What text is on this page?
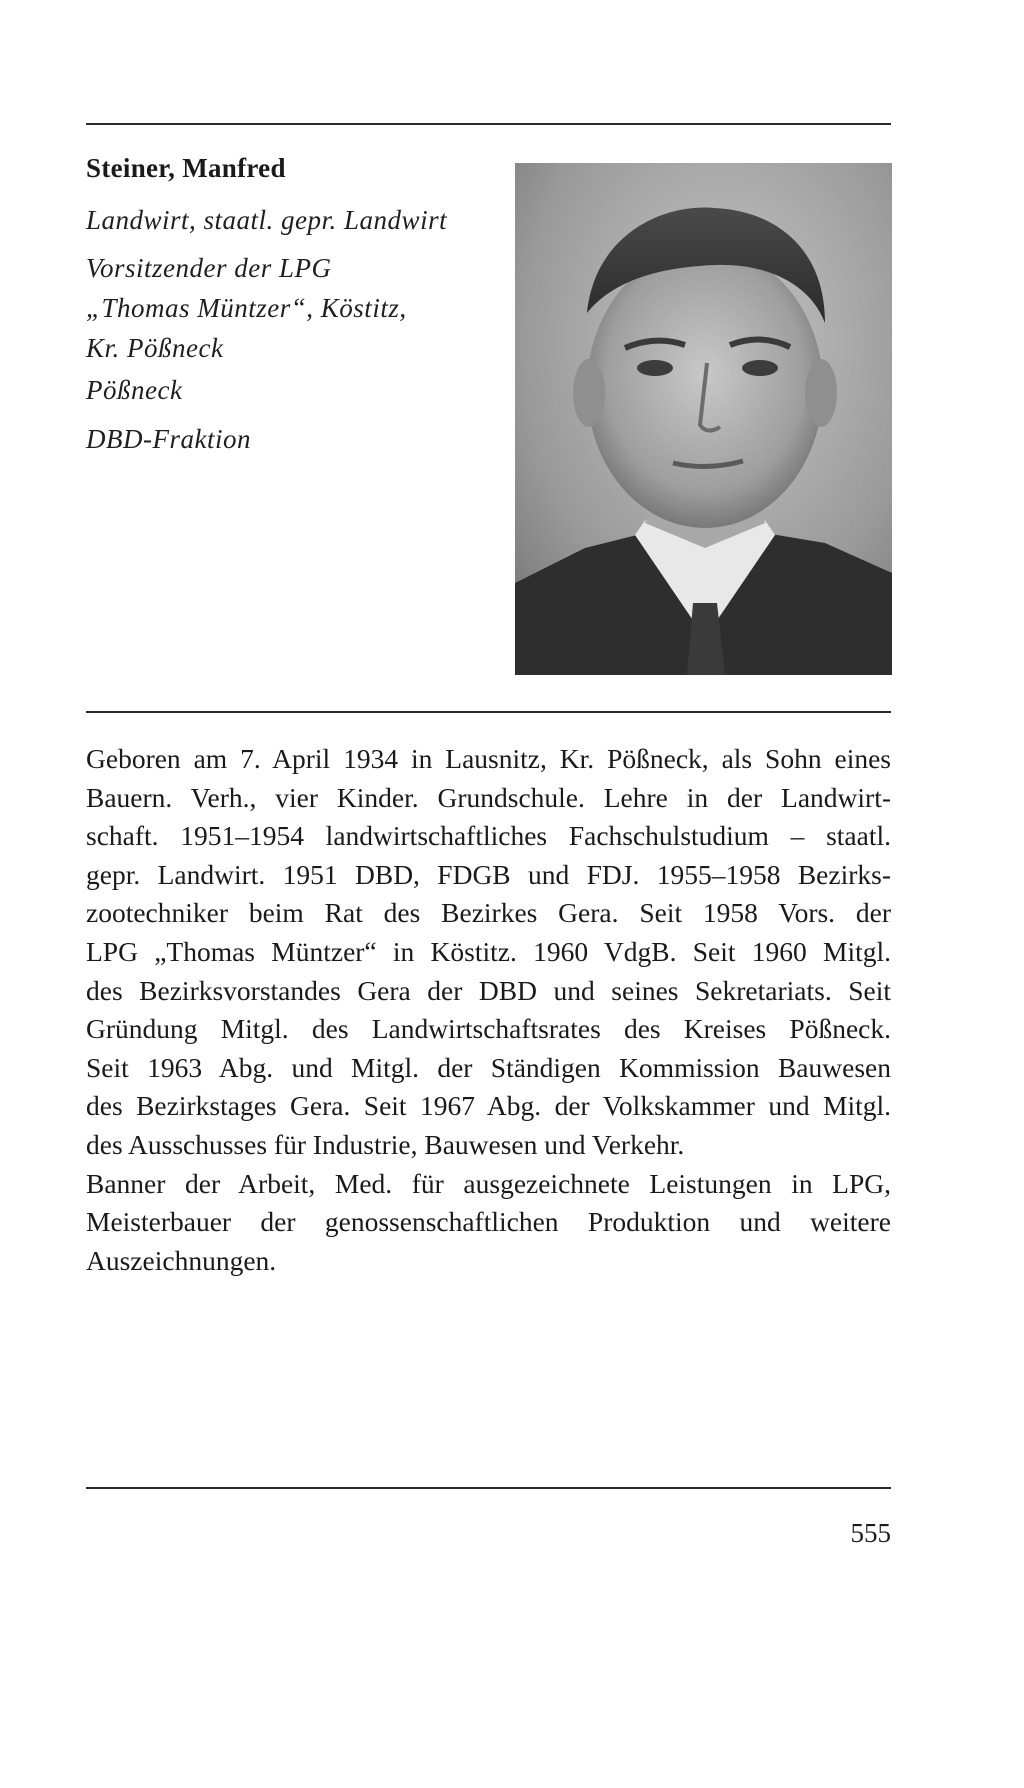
Steiner, Manfred
Landwirt, staatl. gepr. Landwirt
Vorsitzender der LPG
„Thomas Müntzer“, Köstitz,
Kr. Pößneck
Pößneck
DBD-Fraktion
Geboren am 7. April 1934 in Lausnitz, Kr. Pößneck, als Sohn eines
Bauern. Verh., vier Kinder. Grundschule. Lehre in der Landwirt-
schaft. 1951–1954 landwirtschaftliches Fachschulstudium – staatl.
gepr. Landwirt. 1951 DBD, FDGB und FDJ. 1955–1958 Bezirks-
zootechniker beim Rat des Bezirkes Gera. Seit 1958 Vors. der
LPG „Thomas Müntzer“ in Köstitz. 1960 VdgB. Seit 1960 Mitgl.
des Bezirksvorstandes Gera der DBD und seines Sekretariats. Seit
Gründung Mitgl. des Landwirtschaftsrates des Kreises Pößneck.
Seit 1963 Abg. und Mitgl. der Ständigen Kommission Bauwesen
des Bezirkstages Gera. Seit 1967 Abg. der Volkskammer und Mitgl.
des Ausschusses für Industrie, Bauwesen und Verkehr.
Banner der Arbeit, Med. für ausgezeichnete Leistungen in LPG,
Meisterbauer der genossenschaftlichen Produktion und weitere
Auszeichnungen.
555
